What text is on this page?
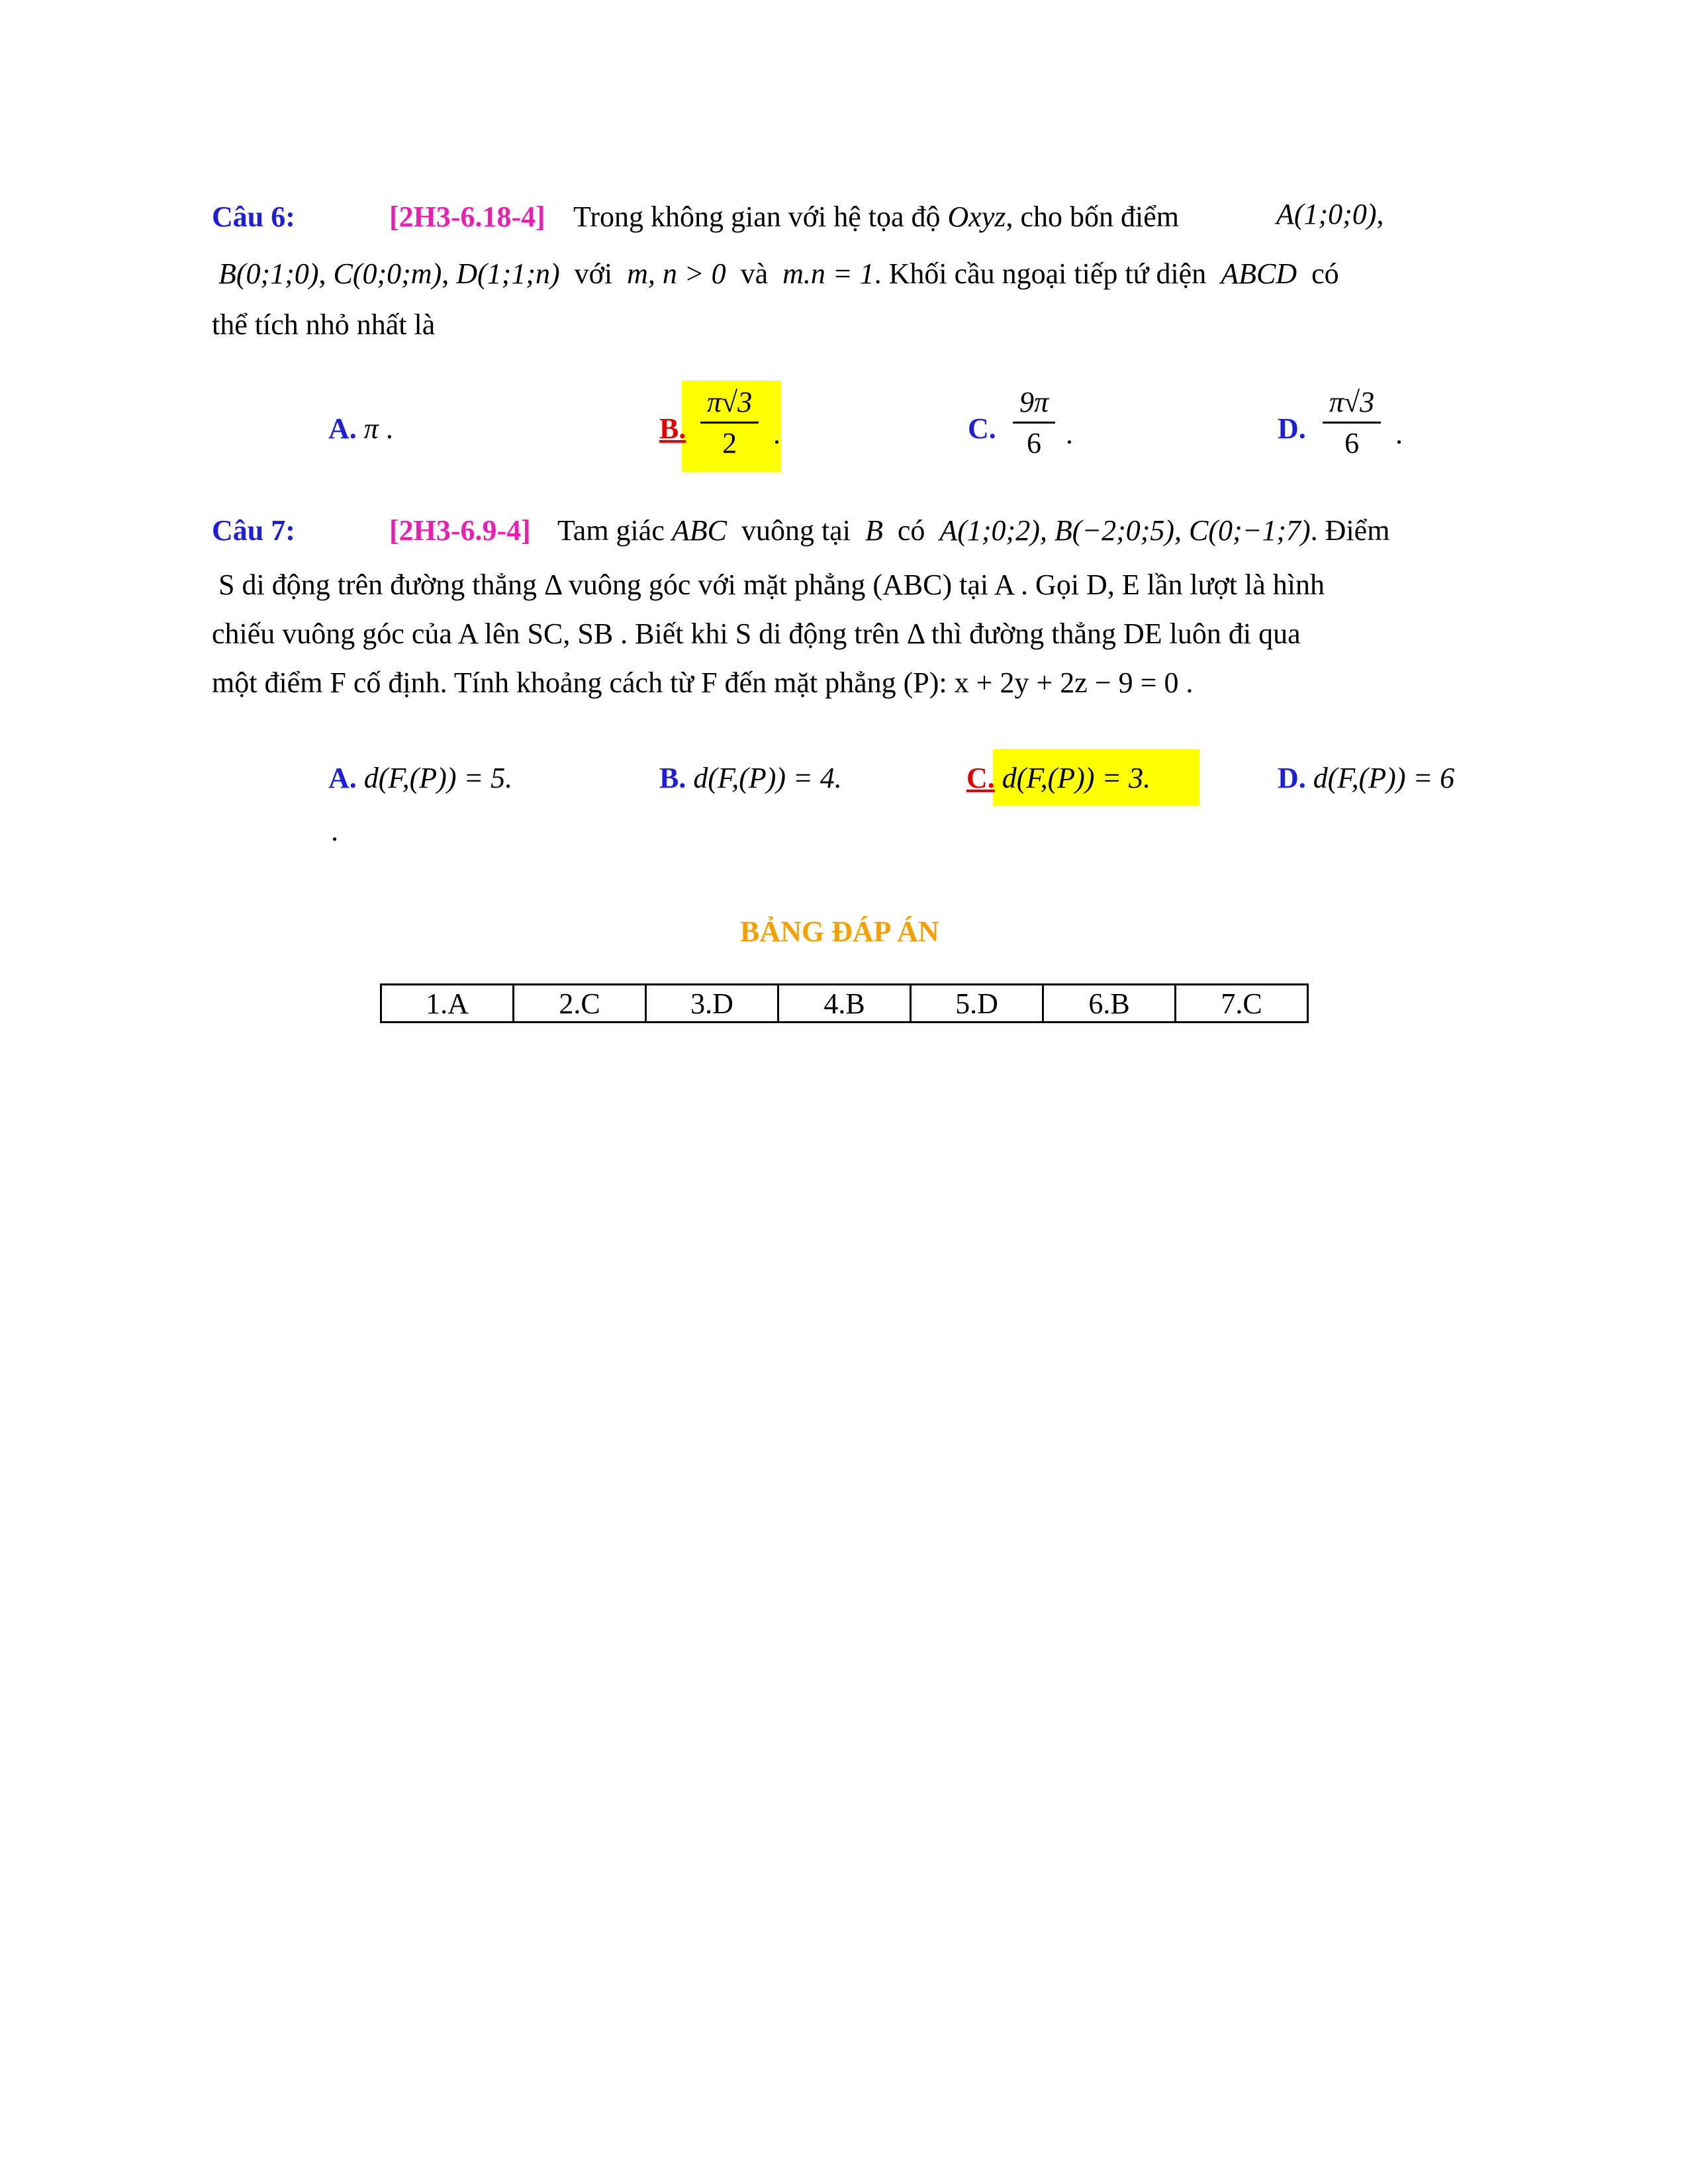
Câu 6:	[2H3-6.18-4] Trong không gian với hệ tọa độ Oxyz, cho bốn điểm	A(1;0;0),
B(0;1;0), C(0;0;m), D(1;1;n) với m, n > 0 và m.n = 1. Khối cầu ngoại tiếp tứ diện ABCD có
thể tích nhỏ nhất là
A. π .	B. $\frac{\pi√3}{2}$ .	C. $\frac{9\pi}{6}$ .	D. $\frac{\pi√3}{6}$ .
Câu 7:	[2H3-6.9-4] Tam giác ABC vuông tại B có A(1;0;2), B(−2;0;5), C(0;−1;7). Điểm
S di động trên đường thẳng Δ vuông góc với mặt phẳng (ABC) tại A . Gọi D, E lần lượt là hình
chiếu vuông góc của A lên SC, SB . Biết khi S di động trên Δ thì đường thẳng DE luôn đi qua
một điểm F cố định. Tính khoảng cách từ F đến mặt phẳng (P): x + 2y + 2z − 9 = 0 .
A. d(F,(P)) = 5.	B. d(F,(P)) = 4.	C. d(F,(P)) = 3.	D. d(F,(P)) = 6
.
BẢNG ĐÁP ÁN
1.A	2.C	3.D	4.B	5.D	6.B	7.C
